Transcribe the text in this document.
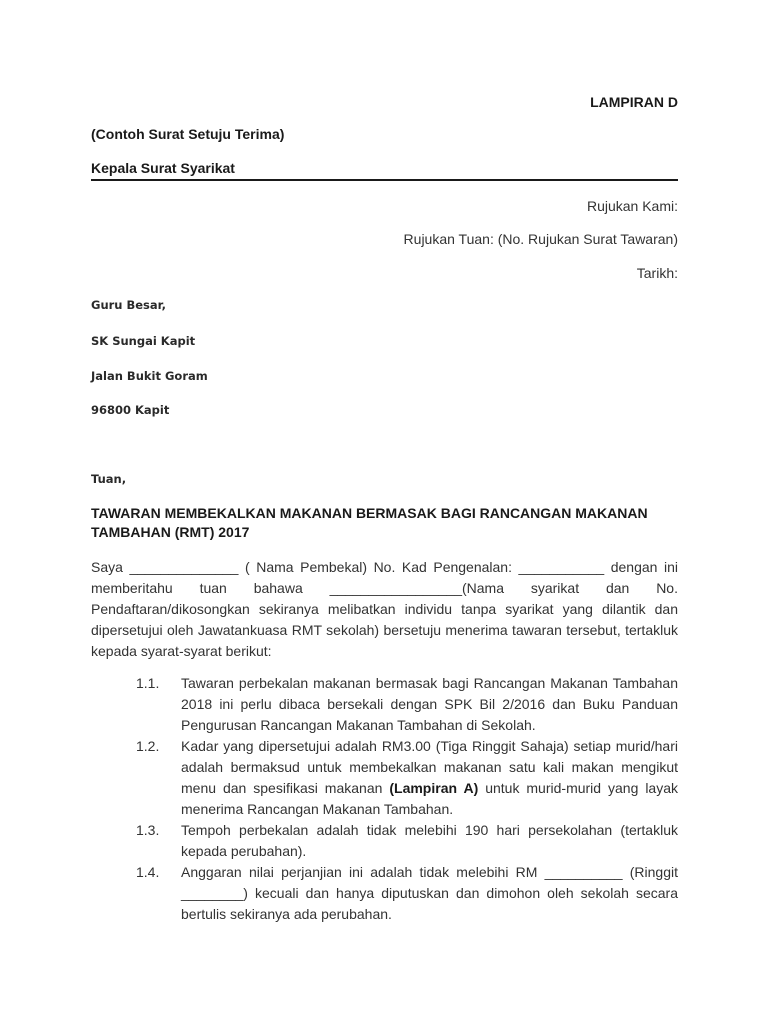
LAMPIRAN D
(Contoh Surat Setuju Terima)
Kepala Surat Syarikat
Rujukan Kami:
Rujukan Tuan: (No. Rujukan Surat Tawaran)
Tarikh:
Guru Besar,
SK Sungai Kapit
Jalan Bukit Goram
96800 Kapit
Tuan,
TAWARAN MEMBEKALKAN MAKANAN BERMASAK BAGI RANCANGAN MAKANAN TAMBAHAN (RMT) 2017
Saya ______________ ( Nama Pembekal) No. Kad Pengenalan: ___________ dengan ini memberitahu tuan bahawa _________________(Nama syarikat dan No. Pendaftaran/dikosongkan sekiranya melibatkan individu tanpa syarikat yang dilantik dan dipersetujui oleh Jawatankuasa RMT sekolah) bersetuju menerima tawaran tersebut, tertakluk kepada syarat-syarat berikut:
1.1. Tawaran perbekalan makanan bermasak bagi Rancangan Makanan Tambahan 2018 ini perlu dibaca bersekali dengan SPK Bil 2/2016 dan Buku Panduan Pengurusan Rancangan Makanan Tambahan di Sekolah.
1.2. Kadar yang dipersetujui adalah RM3.00 (Tiga Ringgit Sahaja) setiap murid/hari adalah bermaksud untuk membekalkan makanan satu kali makan mengikut menu dan spesifikasi makanan (Lampiran A) untuk murid-murid yang layak menerima Rancangan Makanan Tambahan.
1.3. Tempoh perbekalan adalah tidak melebihi 190 hari persekolahan (tertakluk kepada perubahan).
1.4. Anggaran nilai perjanjian ini adalah tidak melebihi RM __________ (Ringgit ________) kecuali dan hanya diputuskan dan dimohon oleh sekolah secara bertulis sekiranya ada perubahan.
